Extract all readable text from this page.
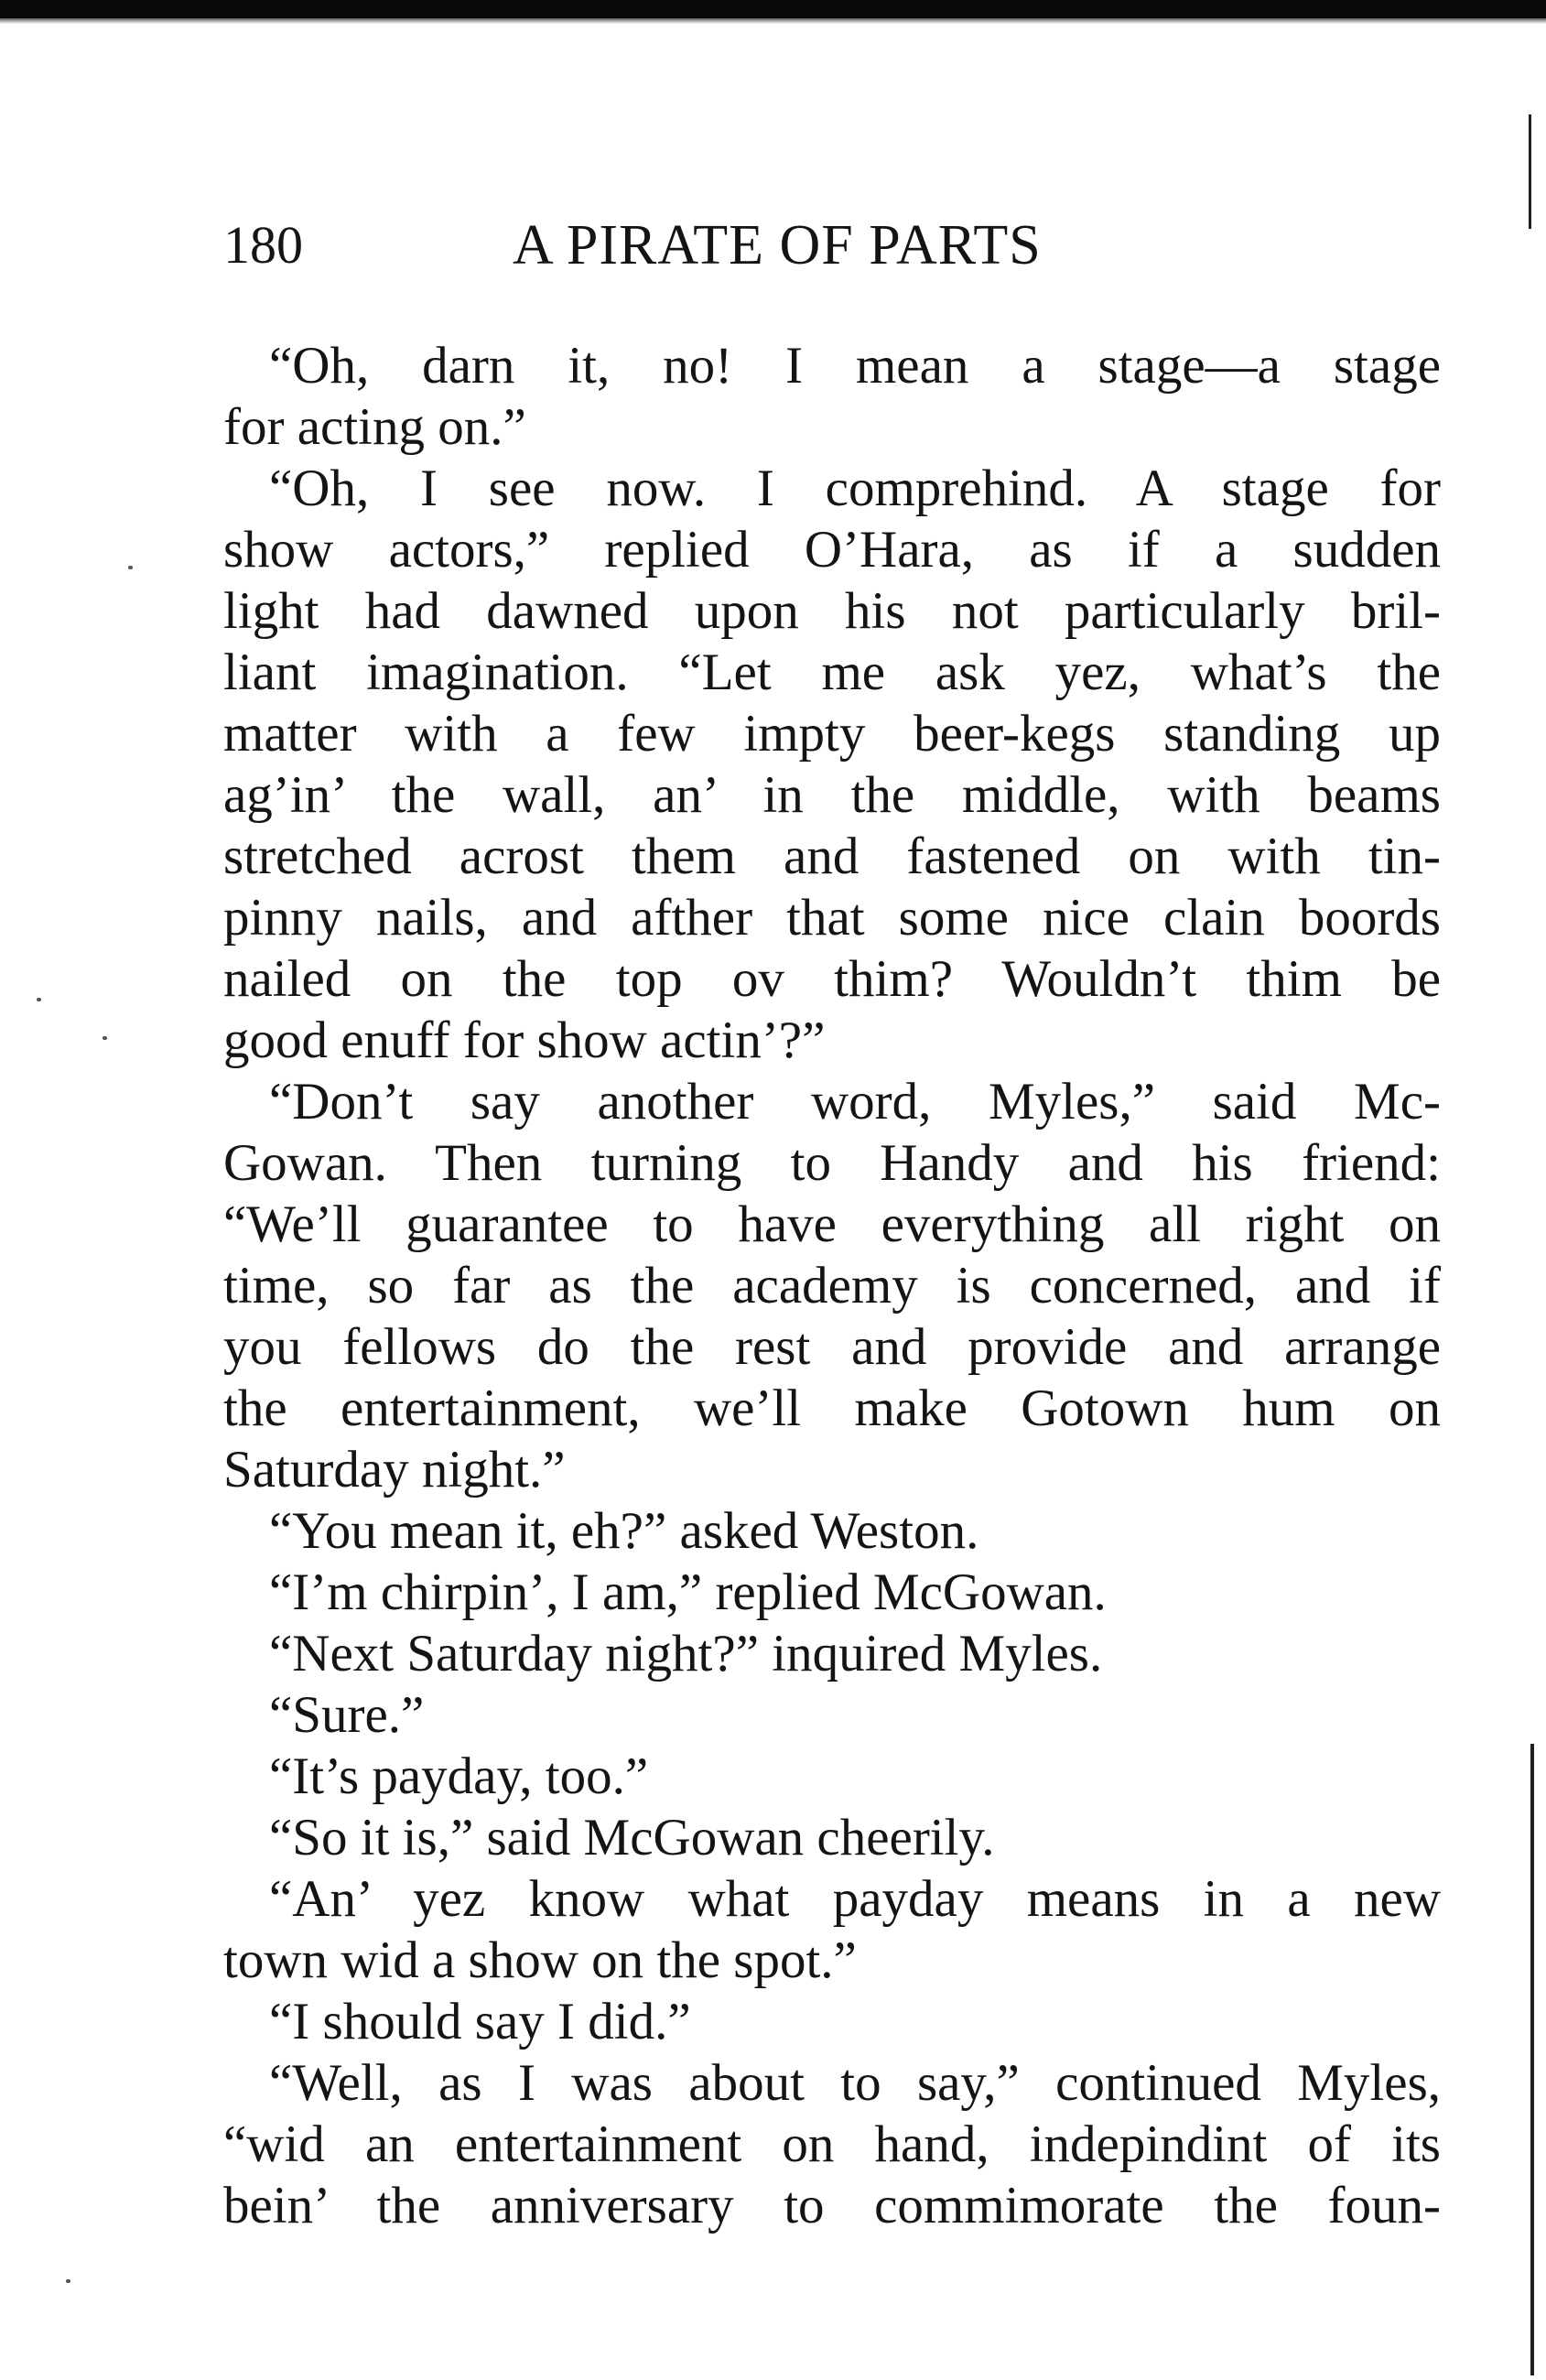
180	A PIRATE OF PARTS
“Oh, darn it, no! I mean a stage—a stage
for acting on.”
“Oh, I see now. I comprehind. A stage for
show actors,” replied O’Hara, as if a sudden
light had dawned upon his not particularly bril-
liant imagination. “Let me ask yez, what’s the
matter with a few impty beer-kegs standing up
ag’in’ the wall, an’ in the middle, with beams
stretched acrost them and fastened on with tin-
pinny nails, and afther that some nice clain boords
nailed on the top ov thim? Wouldn’t thim be
good enuff for show actin’?”
“Don’t say another word, Myles,” said Mc-
Gowan. Then turning to Handy and his friend:
“We’ll guarantee to have everything all right on
time, so far as the academy is concerned, and if
you fellows do the rest and provide and arrange
the entertainment, we’ll make Gotown hum on
Saturday night.”
“You mean it, eh?” asked Weston.
“I’m chirpin’, I am,” replied McGowan.
“Next Saturday night?” inquired Myles.
“Sure.”
“It’s payday, too.”
“So it is,” said McGowan cheerily.
“An’ yez know what payday means in a new
town wid a show on the spot.”
“I should say I did.”
“Well, as I was about to say,” continued Myles,
“wid an entertainment on hand, indepindint of its
bein’ the anniversary to commimorate the foun-
